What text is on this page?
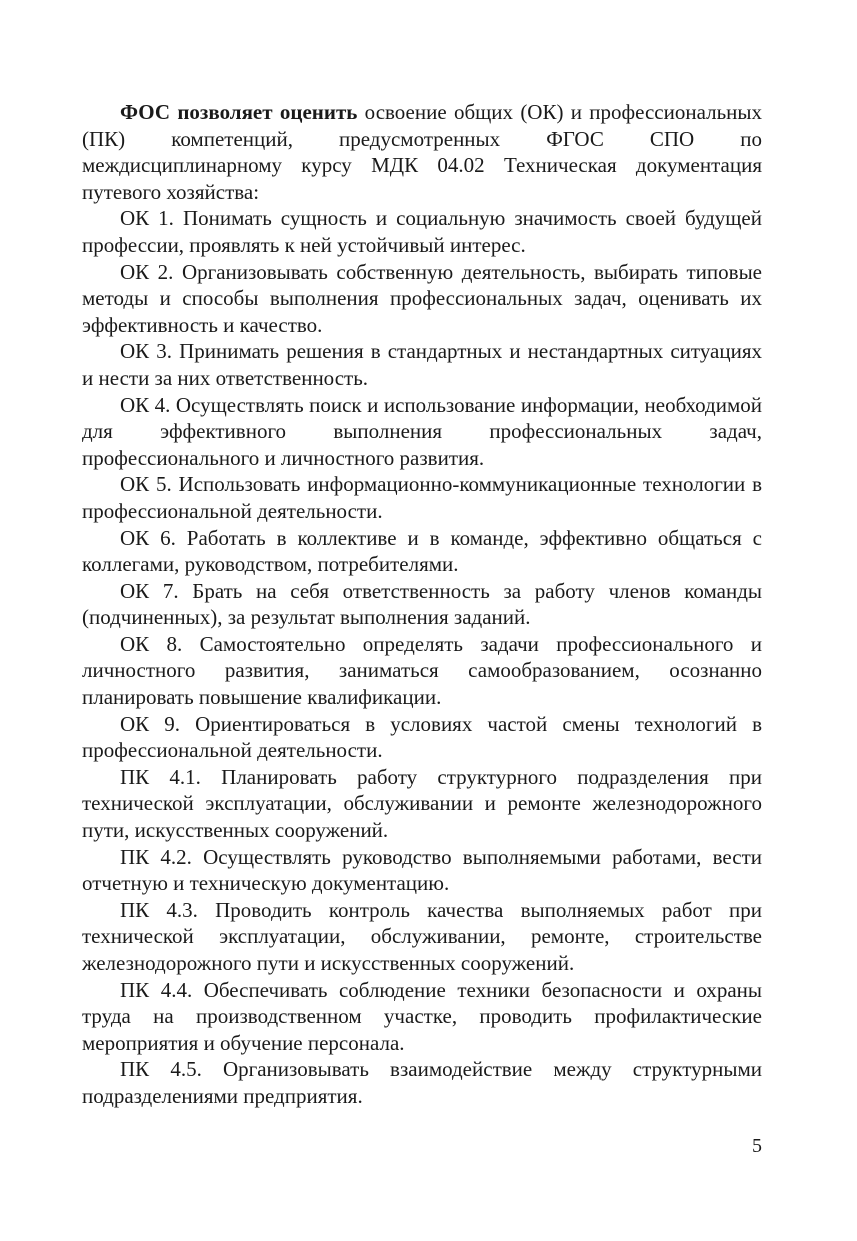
ФОС позволяет оценить освоение общих (ОК) и профессиональных (ПК) компетенций, предусмотренных ФГОС СПО по междисциплинарному курсу МДК 04.02 Техническая документация путевого хозяйства:

ОК 1. Понимать сущность и социальную значимость своей будущей профессии, проявлять к ней устойчивый интерес.

ОК 2. Организовывать собственную деятельность, выбирать типовые методы и способы выполнения профессиональных задач, оценивать их эффективность и качество.

ОК 3. Принимать решения в стандартных и нестандартных ситуациях и нести за них ответственность.

ОК 4. Осуществлять поиск и использование информации, необходимой для эффективного выполнения профессиональных задач, профессионального и личностного развития.

ОК 5. Использовать информационно-коммуникационные технологии в профессиональной деятельности.

ОК 6. Работать в коллективе и в команде, эффективно общаться с коллегами, руководством, потребителями.

ОК 7. Брать на себя ответственность за работу членов команды (подчиненных), за результат выполнения заданий.

ОК 8. Самостоятельно определять задачи профессионального и личностного развития, заниматься самообразованием, осознанно планировать повышение квалификации.

ОК 9. Ориентироваться в условиях частой смены технологий в профессиональной деятельности.

ПК 4.1. Планировать работу структурного подразделения при технической эксплуатации, обслуживании и ремонте железнодорожного пути, искусственных сооружений.

ПК 4.2. Осуществлять руководство выполняемыми работами, вести отчетную и техническую документацию.

ПК 4.3. Проводить контроль качества выполняемых работ при технической эксплуатации, обслуживании, ремонте, строительстве железнодорожного пути и искусственных сооружений.

ПК 4.4. Обеспечивать соблюдение техники безопасности и охраны труда на производственном участке, проводить профилактические мероприятия и обучение персонала.

ПК 4.5. Организовывать взаимодействие между структурными подразделениями предприятия.

5
